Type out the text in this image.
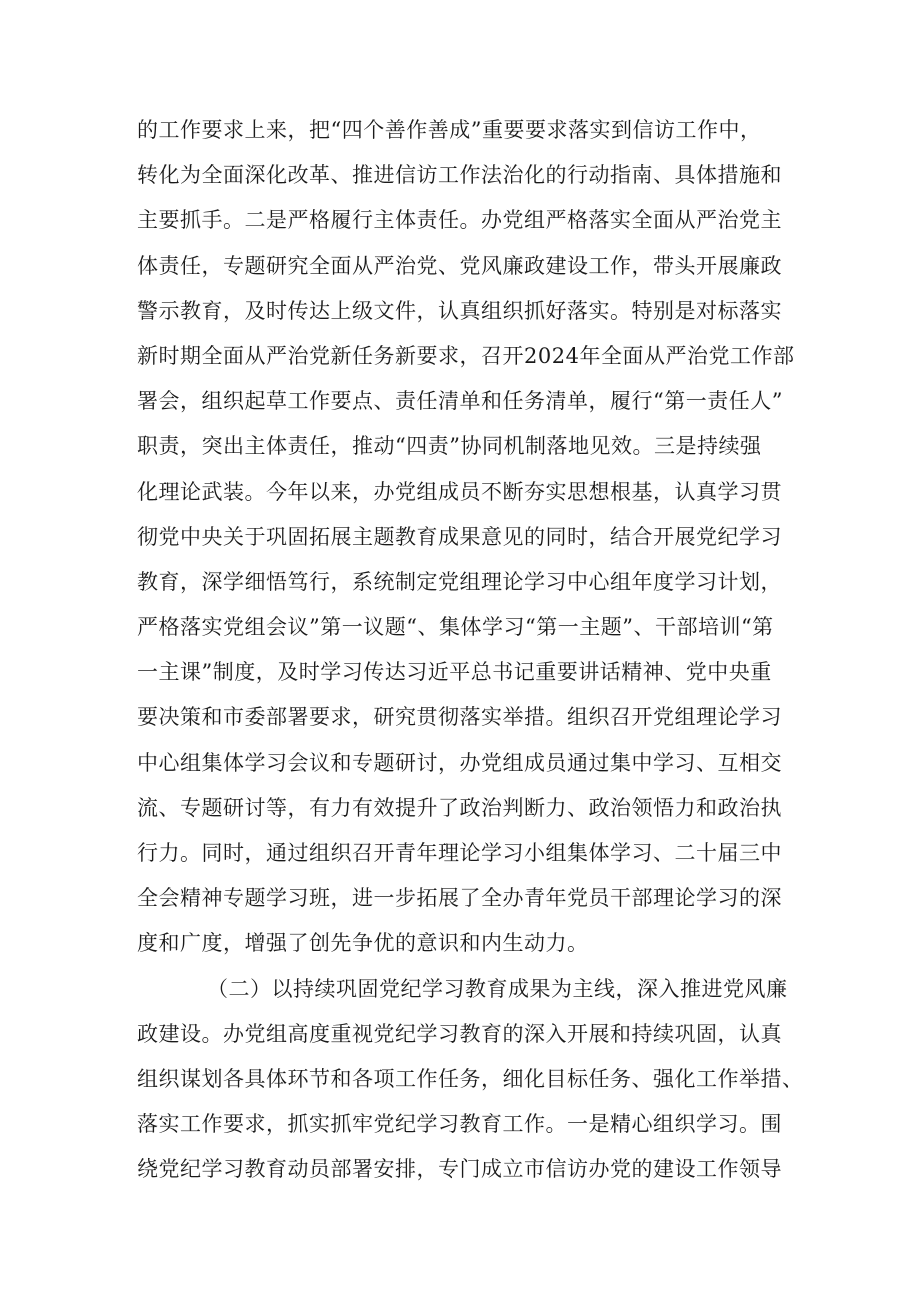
的工作要求上来，把“四个善作善成”重要要求落实到信访工作中，
转化为全面深化改革、推进信访工作法治化的行动指南、具体措施和
主要抓手。二是严格履行主体责任。办党组严格落实全面从严治党主
体责任，专题研究全面从严治党、党风廉政建设工作，带头开展廉政
警示教育，及时传达上级文件，认真组织抓好落实。特别是对标落实
新时期全面从严治党新任务新要求，召开2024年全面从严治党工作部
署会，组织起草工作要点、责任清单和任务清单，履行“第一责任人”
职责，突出主体责任，推动“四责”协同机制落地见效。三是持续强
化理论武装。今年以来，办党组成员不断夯实思想根基，认真学习贯
彻党中央关于巩固拓展主题教育成果意见的同时，结合开展党纪学习
教育，深学细悟笃行，系统制定党组理论学习中心组年度学习计划，
严格落实党组会议”第一议题“、集体学习“第一主题”、干部培训“第
一主课”制度，及时学习传达习近平总书记重要讲话精神、党中央重
要决策和市委部署要求，研究贯彻落实举措。组织召开党组理论学习
中心组集体学习会议和专题研讨，办党组成员通过集中学习、互相交
流、专题研讨等，有力有效提升了政治判断力、政治领悟力和政治执
行力。同时，通过组织召开青年理论学习小组集体学习、二十届三中
全会精神专题学习班，进一步拓展了全办青年党员干部理论学习的深
度和广度，增强了创先争优的意识和内生动力。
（二）以持续巩固党纪学习教育成果为主线，深入推进党风廉
政建设。办党组高度重视党纪学习教育的深入开展和持续巩固，认真
组织谋划各具体环节和各项工作任务，细化目标任务、强化工作举措、
落实工作要求，抓实抓牢党纪学习教育工作。一是精心组织学习。围
绕党纪学习教育动员部署安排，专门成立市信访办党的建设工作领导
